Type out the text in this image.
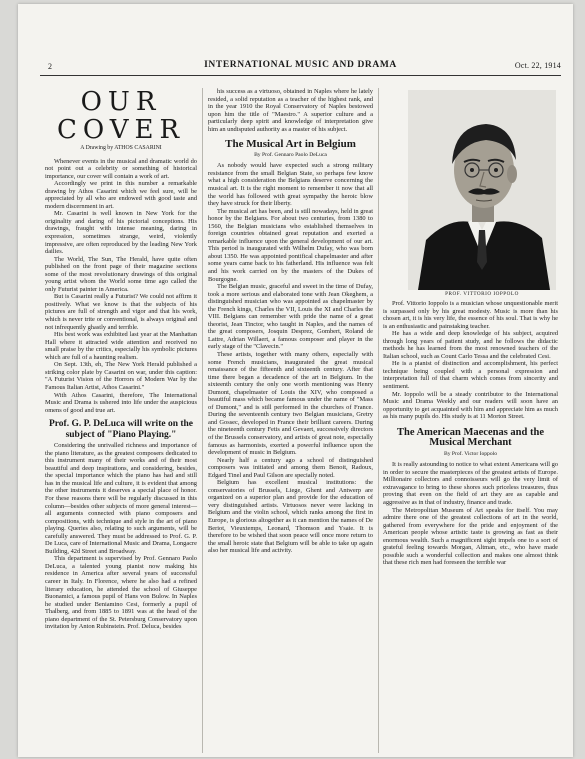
2	INTERNATIONAL MUSIC AND DRAMA	Oct. 22, 1914
OUR COVER
A Drawing by ATHOS CASARINI

Whenever events in the musical and dramatic world do not point out a celebrity or something of historical importance, our cover will contain a work of art.

Accordingly we print in this number a remarkable drawing by Athos Casarini which we feel sure, will be appreciated by all who are endowed with good taste and modern discernment in art.

Mr. Casarini is well known in New York for the originality and daring of his pictorial conceptions. His drawings, fraught with intense meaning, daring in expression, sometimes strange, weird, violently impressive, are often reproduced by the leading New York dailies.

The World, The Sun, The Herald, have quite often published on the front page of their magazine sections some of the most revolutionary drawings of this original young artist whom the World some time ago called the only Futurist painter in America.

But is Casarini really a Futurist? We could not affirm it positively. What we know is that the subjects of his pictures are full of strength and vigor and that his work, which is never trite or conventional, is always original and not infrequently ghastly and terrible.

His best work was exhibited last year at the Manhattan Hall where it attracted wide attention and received no small praise by the critics, especially his symbolic pictures which are full of a haunting realism.

On Sept. 13th, eh, The New York Herald published a striking color plate by Casarini on war, under this caption: "A Futurist Vision of the Horrors of Modern War by the Famous Italian Artist, Athos Casarini."

With Athos Casarini, therefore, The International Music and Drama is ushered into life under the auspicious omens of good and true art.

Prof. G. P. DeLuca will write on the subject of "Piano Playing."

Considering the unrivalled richness and importance of the piano literature, as the greatest composers dedicated to this instrument many of their works and of their most beautiful and deep inspirations, and considering, besides, the special importance which the piano has had and still has in the musical life and culture, it is evident that among the other instruments it deserves a special place of honor. For these reasons there will be regularly discussed in this column—besides other subjects of more general interest—all arguments connected with piano composers and compositions, with technique and style in the art of piano playing. Queries also, relating to such arguments, will be carefully answered. They must be addressed to Prof. G. P. De Luca, care of International Music and Drama, Longacre Building, 42d Street and Broadway.

This department is supervised by Prof. Gennaro Paolo DeLuca, a talented young pianist now making his residence in America after several years of successful career in Italy. In Florence, where he also had a refined literary education, he attended the school of Giuseppe Buonamici, a famous pupil of Hans von Bulow. In Naples he studied under Beniamino Cesi, formerly a pupil of Thalberg, and from 1885 to 1891 was at the head of the piano department of the St. Petersburg Conservatory upon invitation by Anton Rubinstein. Prof. Deluca, besides

his success as a virtuoso, obtained in Naples where he lately resided, a solid reputation as a teacher of the highest rank, and in the year 1910 the Royal Conservatory of Naples bestowed upon him the title of "Maestro." A superior culture and a particularly deep spirit and knowledge of interpretation give him an undisputed authority as a master of his subject.

The Musical Art in Belgium
By Prof. Gennaro Paolo DeLuca

As nobody would have expected such a strong military resistance from the small Belgian State, so perhaps few know what a high consideration the Belgians deserve concerning the musical art. It is the right moment to remember it now that all the world has followed with great sympathy the heroic blow they have struck for their liberty.

The musical art has been, and is still nowadays, held in great honor by the Belgians. For about two centuries, from 1380 to 1560, the Belgian musicians who established themselves in foreign countries obtained great reputation and exerted a remarkable influence upon the general development of our art. This period is inaugurated with Wilhelm Dufay, who was born about 1350. He was appointed pontifical chapelmaster and after some years came back to his fatherland. His influence was felt and his work carried on by the masters of the Dukes of Bourgogne.

The Belgian music, graceful and sweet in the time of Dufay, took a more serious and elaborated tone with Jean Okeghem, a distinguished musician who was appointed as chapelmaster by the French kings, Charles the VII, Louis the XI and Charles the VIII. Belgians can remember with pride the name of a great theorist, Jean Tinctor, who taught in Naples, and the names of the great composers, Josquin Desprez, Gombert, Roland de Lattre, Adrian Willaert, a famous composer and player in the early stage of the "Clavecin."

These artists, together with many others, especially with some French musicians, inaugurated the great musical renaissance of the fifteenth and sixteenth century. After that time there began a decadence of the art in Belgium. In the sixteenth century the only one worth mentioning was Henry Dumont, chapelmaster of Louis the XIV, who composed a beautiful mass which became famous under the name of "Mass of Dumont," and is still performed in the churches of France. During the seventeenth century two Belgian musicians, Gretry and Gossec, developed in France their brilliant careers. During the nineteenth century Fetis and Gevaert, successively directors of the Brussels conservatory, and artists of great note, especially famous as harmonists, exerted a powerful influence upon the development of music in Belgium.

Nearly half a century ago a school of distinguished composers was initiated and among them Benoit, Radoux, Edgard Tinel and Paul Gilson are specially noted.

Belgium has excellent musical institutions: the conservatories of Brussels, Liege, Ghent and Antwerp are organized on a superior plan and provide for the education of very distinguished artists. Virtuosos never were lacking in Belgium and the violin school, which ranks among the first in Europe, is glorious altogether as it can mention the names of De Beriot, Vieuxtemps, Leonard, Thomson and Ysaie. It is therefore to be wished that soon peace will once more return to the small heroic state that Belgium will be able to take up again also her musical life and activity.

PROF. VITTORIO IOPPOLO

Prof. Vittorio Ioppolo is a musician whose unquestionable merit is surpassed only by his great modesty. Music is more than his chosen art, it is his very life, the essence of his soul. That is why he is an enthusiastic and painstaking teacher.

He has a wide and deep knowledge of his subject, acquired through long years of patient study, and he follows the didactic methods he has learned from the most renowned teachers of the Italian school, such as Count Carlo Tessa and the celebrated Cesi.

He is a pianist of distinction and accomplishment, his perfect technique being coupled with a personal expression and interpretation full of that charm which comes from sincerity and sentiment.

Mr. Ioppolo will be a steady contributor to the International Music and Drama Weekly and our readers will soon have an opportunity to get acquainted with him and appreciate him as much as his many pupils do. His study is at 11 Morton Street.

The American Maecenas and the Musical Merchant
By Prof. Victor Ioppolo

It is really astounding to notice to what extent Americans will go in order to secure the masterpieces of the greatest artists of Europe. Millionaire collectors and connoisseurs will go the very limit of extravagance to bring to these shores such priceless treasures, thus proving that even on the field of art they are as capable and aggressive as in that of industry, finance and trade.

The Metropolitan Museum of Art speaks for itself. You may admire there one of the greatest collections of art in the world, gathered from everywhere for the pride and enjoyment of the American people whose artistic taste is growing as fast as their enormous wealth. Such a magnificent sight impels one to a sort of grateful feeling towards Morgan, Altman, etc., who have made possible such a wonderful collection and makes one almost think that these rich men had foreseen the terrible war
